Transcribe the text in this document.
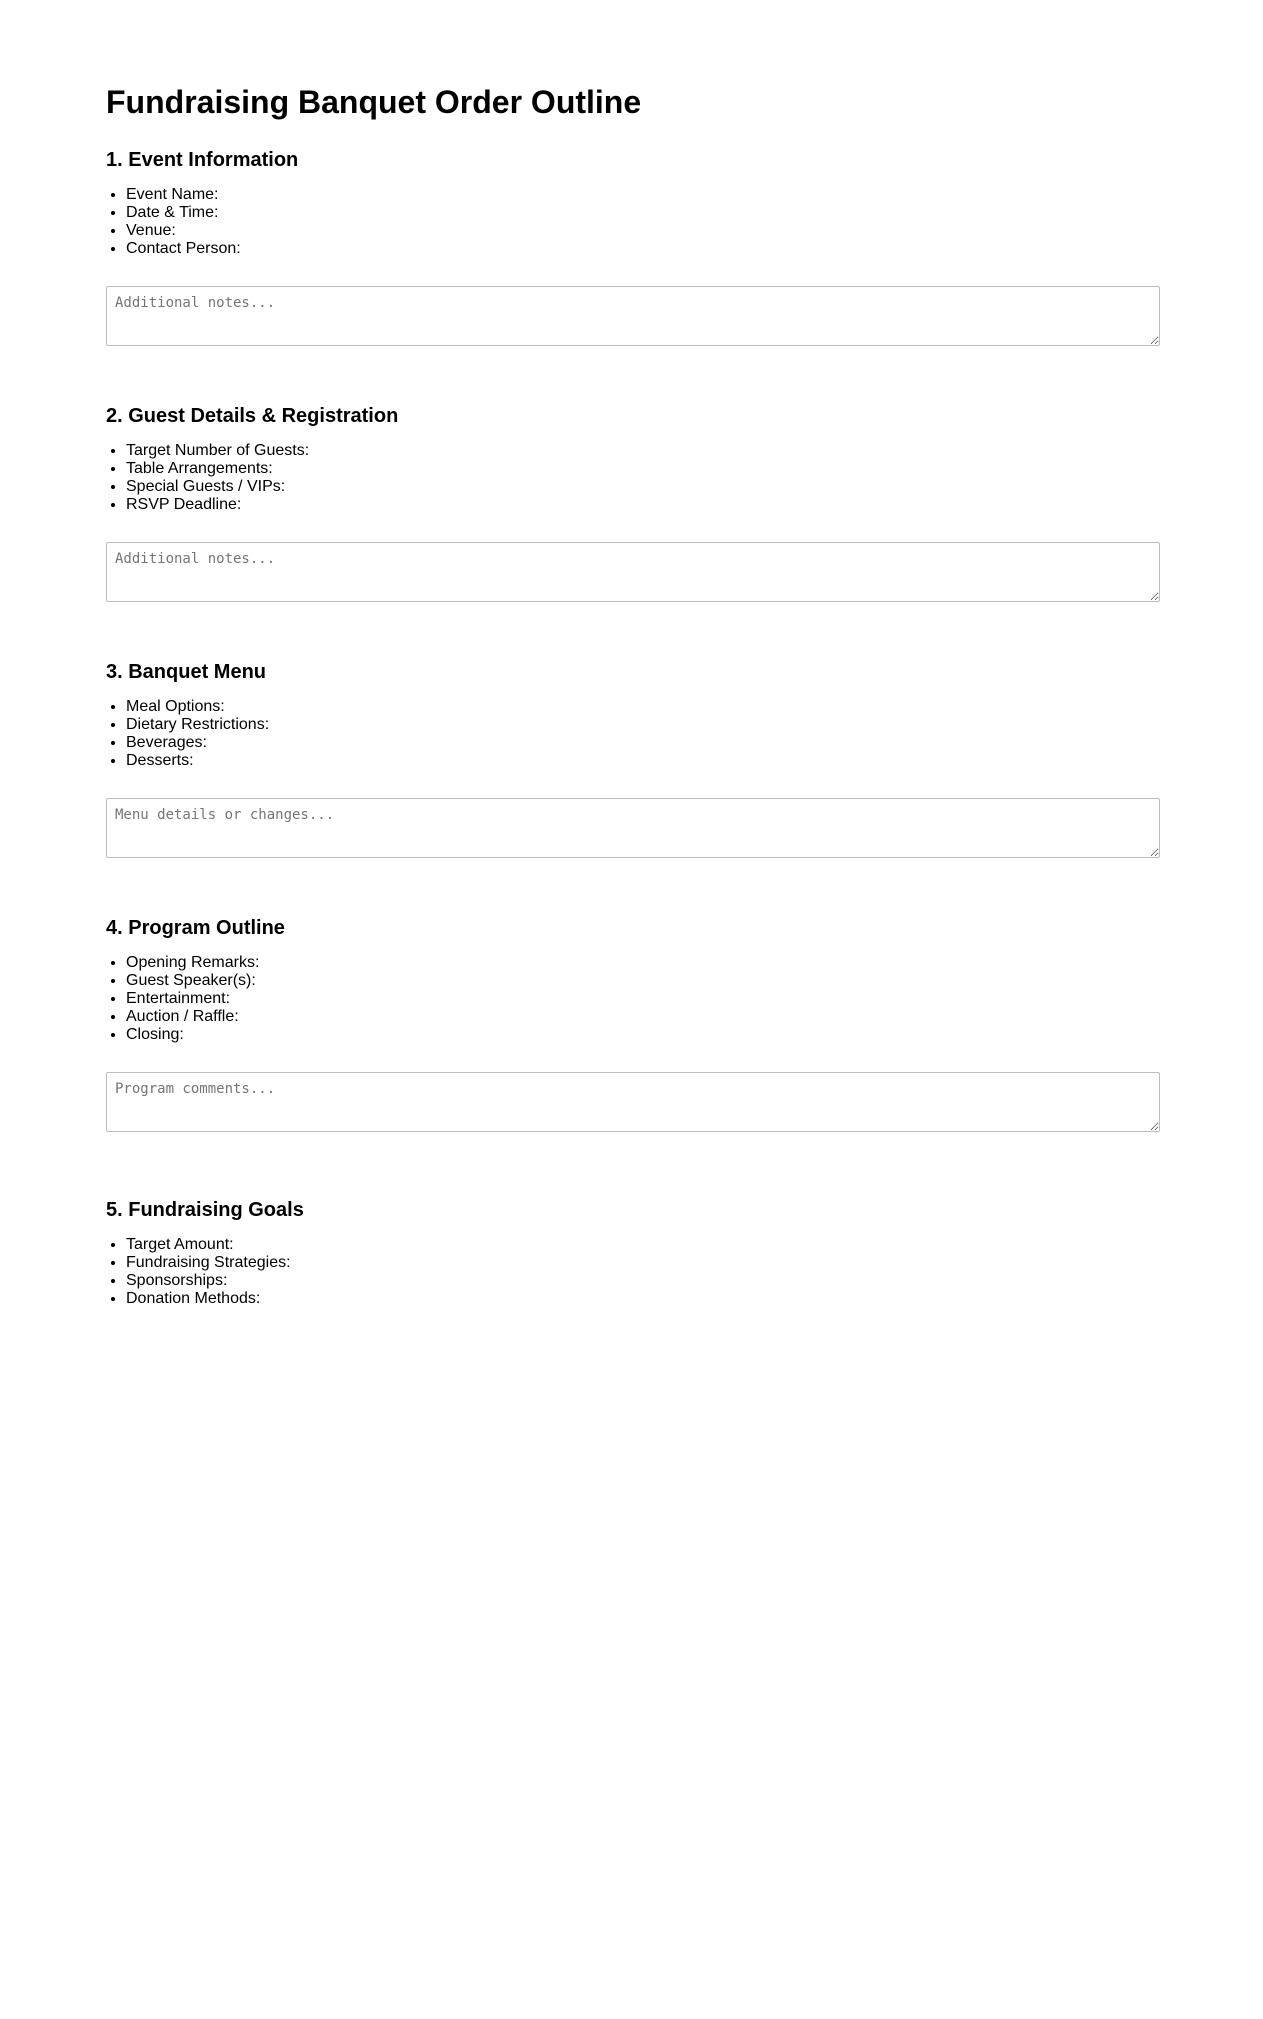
Fundraising Banquet Order Outline
1. Event Information
• Event Name:
• Date & Time:
• Venue:
• Contact Person:
Additional notes...
2. Guest Details & Registration
• Target Number of Guests:
• Table Arrangements:
• Special Guests / VIPs:
• RSVP Deadline:
Additional notes...
3. Banquet Menu
• Meal Options:
• Dietary Restrictions:
• Beverages:
• Desserts:
Menu details or changes...
4. Program Outline
• Opening Remarks:
• Guest Speaker(s):
• Entertainment:
• Auction / Raffle:
• Closing:
Program comments...
5. Fundraising Goals
• Target Amount:
• Fundraising Strategies:
• Sponsorships:
• Donation Methods:
